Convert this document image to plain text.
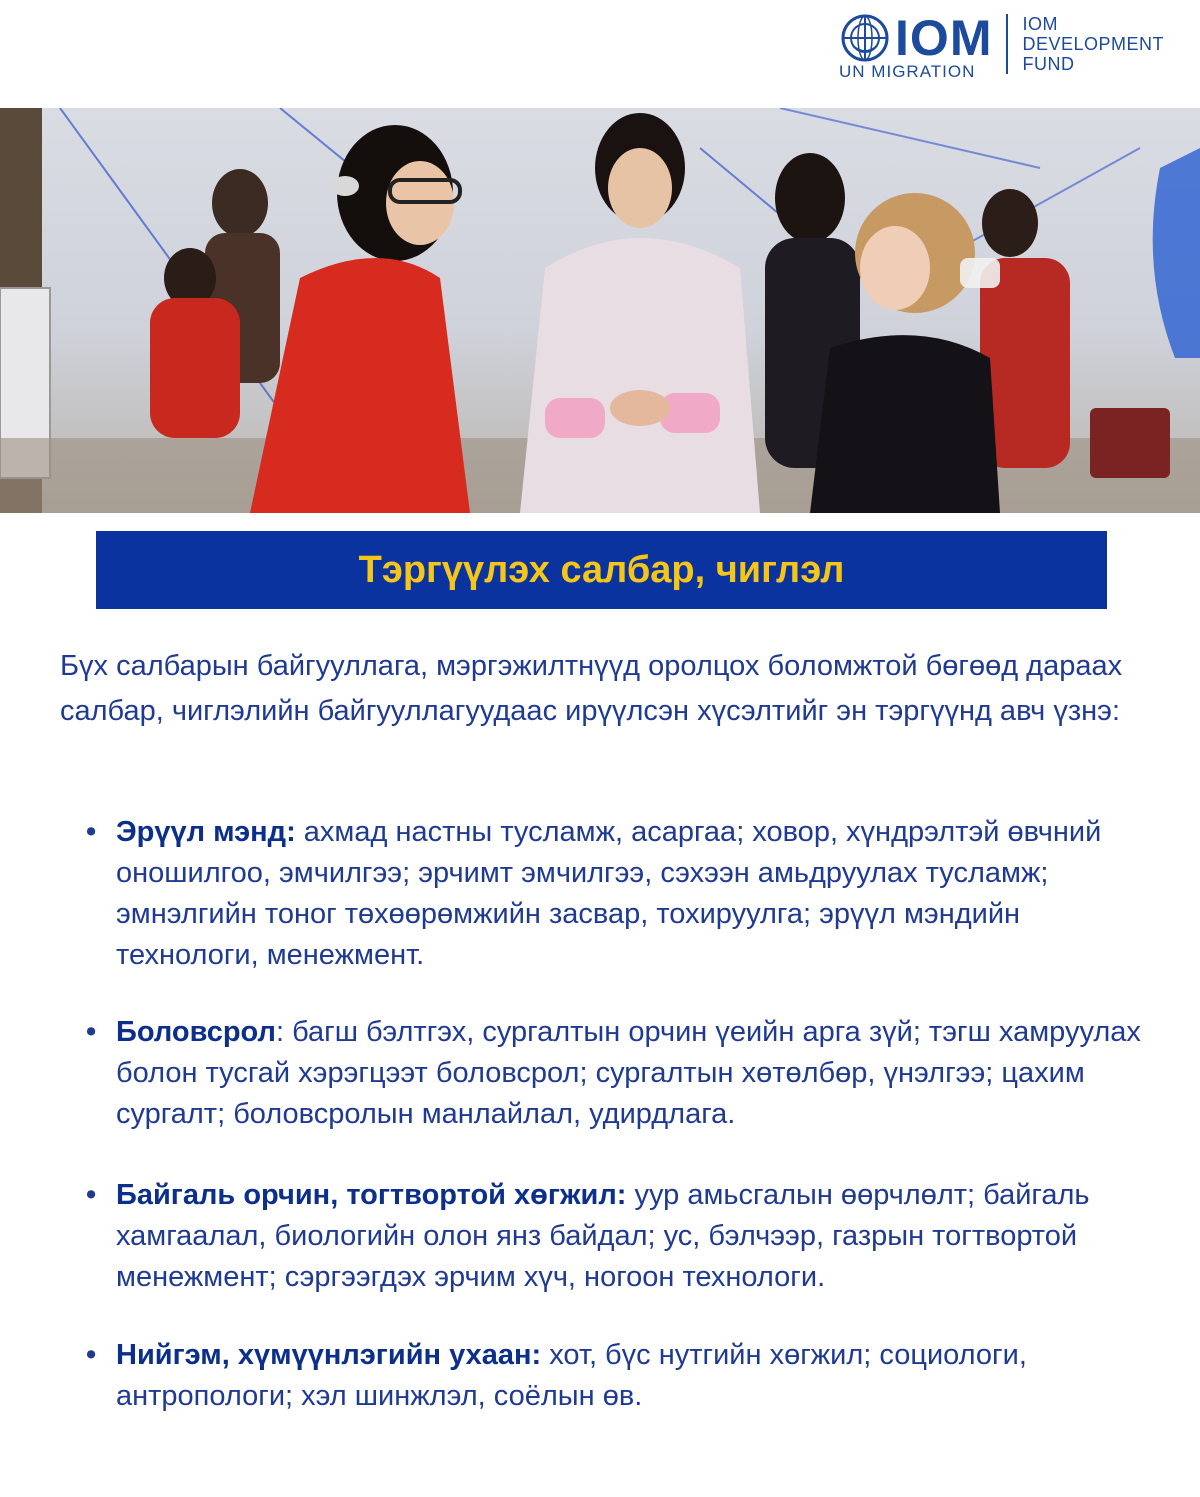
IOM
UN MIGRATION
IOM
DEVELOPMENT
FUND
Тэргүүлэх салбар, чиглэл
Бүх салбарын байгууллага, мэргэжилтнүүд оролцох боломжтой бөгөөд дараах салбар, чиглэлийн байгууллагуудаас ирүүлсэн хүсэлтийг эн тэргүүнд авч үзнэ:
• Эрүүл мэнд: ахмад настны тусламж, асаргаа; ховор, хүндрэлтэй өвчний оношилгоо, эмчилгээ; эрчимт эмчилгээ, сэхээн амьдруулах тусламж; эмнэлгийн тоног төхөөрөмжийн засвар, тохируулга; эрүүл мэндийн технологи, менежмент.
• Боловсрол: багш бэлтгэх, сургалтын орчин үеийн арга зүй; тэгш хамруулах болон тусгай хэрэгцээт боловсрол; сургалтын хөтөлбөр, үнэлгээ; цахим сургалт; боловсролын манлайлал, удирдлага.
• Байгаль орчин, тогтвортой хөгжил: уур амьсгалын өөрчлөлт; байгаль хамгаалал, биологийн олон янз байдал; ус, бэлчээр, газрын тогтвортой менежмент; сэргээгдэх эрчим хүч, ногоон технологи.
• Нийгэм, хүмүүнлэгийн ухаан: хот, бүс нутгийн хөгжил; социологи, антропологи; хэл шинжлэл, соёлын өв.
